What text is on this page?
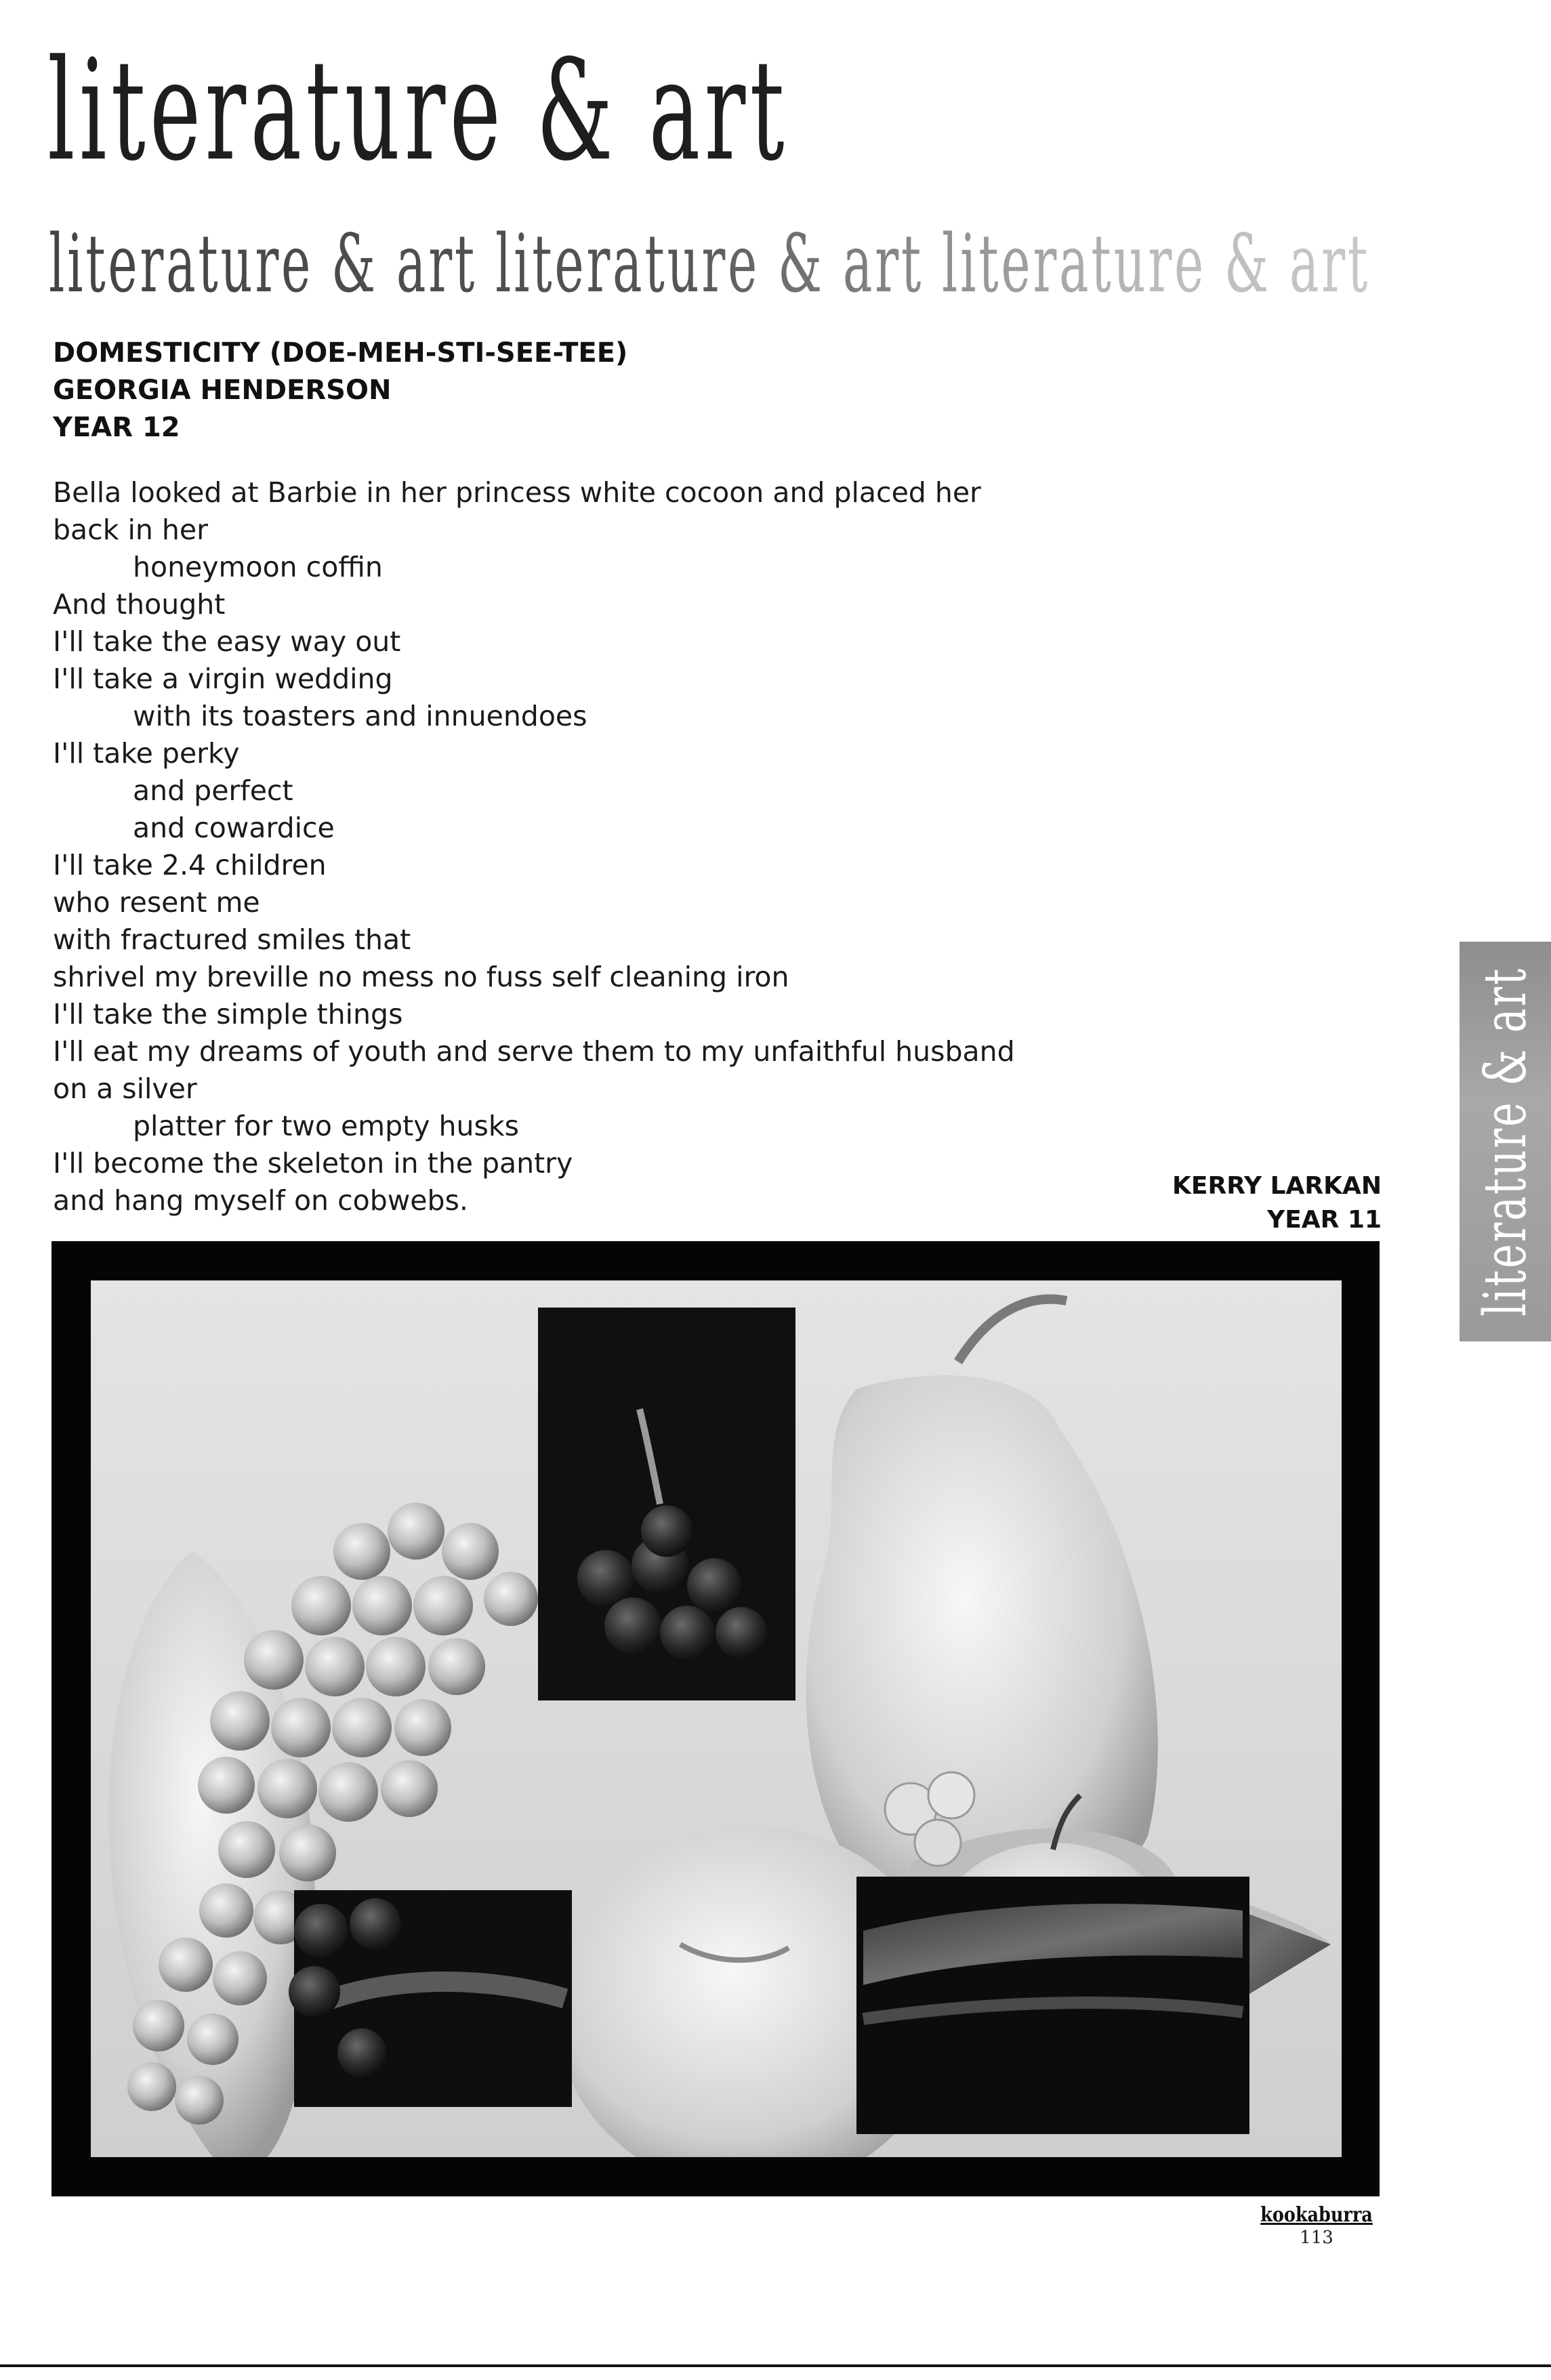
literature & art
literature & art literature & art literature & art
DOMESTICITY (DOE-MEH-STI-SEE-TEE)
GEORGIA HENDERSON
YEAR 12
Bella looked at Barbie in her princess white cocoon and placed her
back in her
honeymoon coffin
And thought
I'll take the easy way out
I'll take a virgin wedding
with its toasters and innuendoes
I'll take perky
and perfect
and cowardice
I'll take 2.4 children
who resent me
with fractured smiles that
shrivel my breville no mess no fuss self cleaning iron
I'll take the simple things
I'll eat my dreams of youth and serve them to my unfaithful husband
on a silver
platter for two empty husks
I'll become the skeleton in the pantry
and hang myself on cobwebs.	KERRY LARKAN
YEAR 11 literature & art
kookaburra
113
